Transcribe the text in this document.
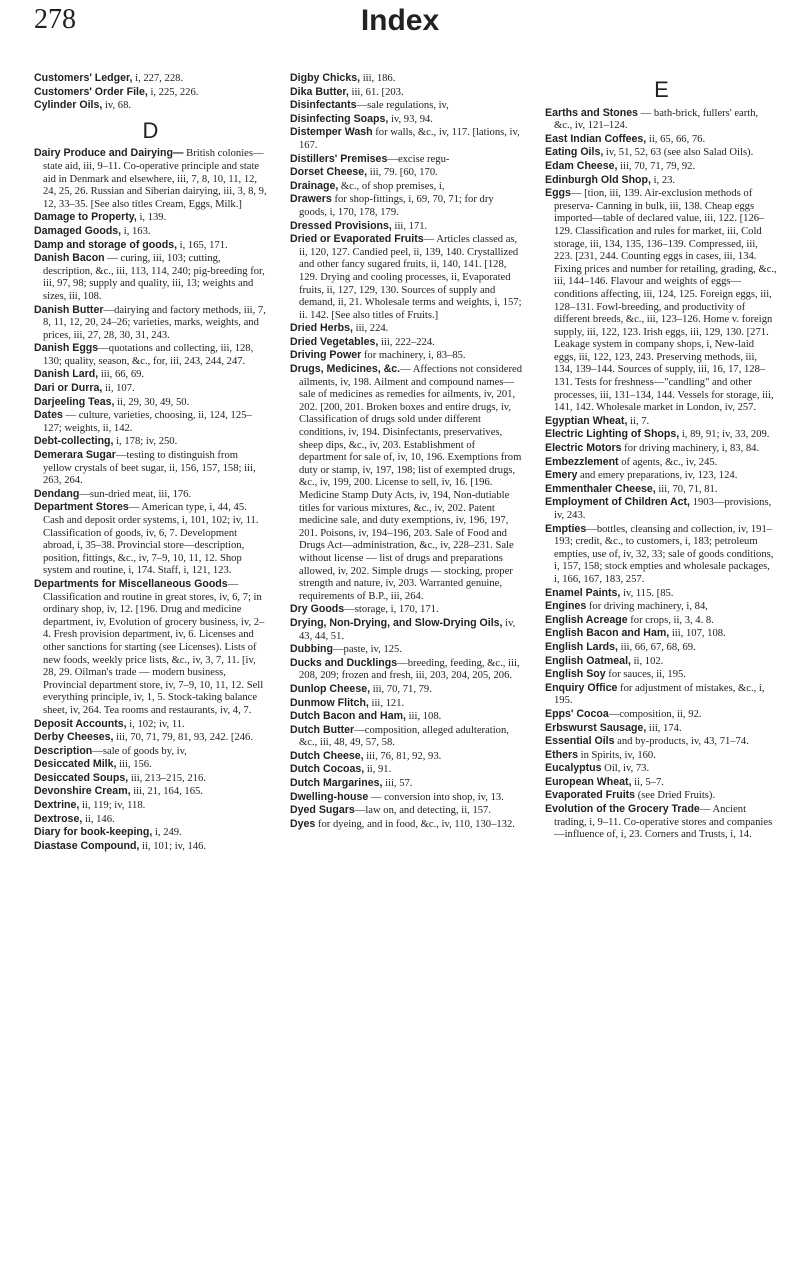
278	Index

Customers' Ledger, i, 227, 228.

Customers' Order File, i, 225, 226.

Cylinder Oils, iv, 68.

D

Dairy Produce and Dairying— British colonies—state aid, iii, 9–11. Co-operative principle and state aid in Denmark and elsewhere, iii, 7, 8, 10, 11, 12, 24, 25, 26. Russian and Siberian dairying, iii, 3, 8, 9, 12, 33–35. [See also titles Cream, Eggs, Milk.]

Damage to Property, i, 139.

Damaged Goods, i, 163.

Damp and storage of goods, i, 165, 171.

Danish Bacon — curing, iii, 103; cutting, description, &c., iii, 113, 114, 240; pig-breeding for, iii, 97, 98; supply and quality, iii, 13; weights and sizes, iii, 108.

Danish Butter—dairying and factory methods, iii, 7, 8, 11, 12, 20, 24–26; varieties, marks, weights, and prices, iii, 27, 28, 30, 31, 243.

Danish Eggs—quotations and collecting, iii, 128, 130; quality, season, &c., for, iii, 243, 244, 247.

Danish Lard, iii, 66, 69.

Dari or Durra, ii, 107.

Darjeeling Teas, ii, 29, 30, 49, 50.

Dates — culture, varieties, choosing, ii, 124, 125–127; weights, ii, 142.

Debt-collecting, i, 178; iv, 250.

Demerara Sugar—testing to distinguish from yellow crystals of beet sugar, ii, 156, 157, 158; iii, 263, 264.

Dendang—sun-dried meat, iii, 176.

Department Stores— American type, i, 44, 45. Cash and deposit order systems, i, 101, 102; iv, 11. Classification of goods, iv, 6, 7. Development abroad, i, 35–38. Provincial store—description, position, fittings, &c., iv, 7–9, 10, 11, 12. Shop system and routine, i, 174. Staff, i, 121, 123.

Departments for Miscellaneous Goods— Classification and routine in great stores, iv, 6, 7; in ordinary shop, iv, 12. [196. Drug and medicine department, iv, Evolution of grocery business, iv, 2–4. Fresh provision department, iv, 6. Licenses and other sanctions for starting (see Licenses). Lists of new foods, weekly price lists, &c., iv, 3, 7, 11. [iv, 28, 29. Oilman's trade — modern business, Provincial department store, iv, 7–9, 10, 11, 12. Sell everything principle, iv, 1, 5. Stock-taking balance sheet, iv, 264. Tea rooms and restaurants, iv, 4, 7.

Deposit Accounts, i, 102; iv, 11.

Derby Cheeses, iii, 70, 71, 79, 81, 93, 242. [246.

Description—sale of goods by, iv,

Desiccated Milk, iii, 156.

Desiccated Soups, iii, 213–215, 216.

Devonshire Cream, iii, 21, 164, 165.

Dextrine, ii, 119; iv, 118.

Dextrose, ii, 146.

Diary for book-keeping, i, 249.

Diastase Compound, ii, 101; iv, 146.

Digby Chicks, iii, 186.

Dika Butter, iii, 61. [203.

Disinfectants—sale regulations, iv,

Disinfecting Soaps, iv, 93, 94.

Distemper Wash for walls, &c., iv, 117. [lations, iv, 167.

Distillers' Premises—excise regu-

Dorset Cheese, iii, 79. [60, 170.

Drainage, &c., of shop premises, i,

Drawers for shop-fittings, i, 69, 70, 71; for dry goods, i, 170, 178, 179.

Dressed Provisions, iii, 171.

Dried or Evaporated Fruits— Articles classed as, ii, 120, 127. Candied peel, ii, 139, 140. Crystallized and other fancy sugared fruits, ii, 140, 141. [128, 129. Drying and cooling processes, ii, Evaporated fruits, ii, 127, 129, 130. Sources of supply and demand, ii, 21. Wholesale terms and weights, i, 157; ii. 142. [See also titles of Fruits.]

Dried Herbs, iii, 224.

Dried Vegetables, iii, 222–224.

Driving Power for machinery, i, 83–85.

Drugs, Medicines, &c.— Affections not considered ailments, iv, 198. Ailment and compound names—sale of medicines as remedies for ailments, iv, 201, 202. [200, 201. Broken boxes and entire drugs, iv, Classification of drugs sold under different conditions, iv, 194. Disinfectants, preservatives, sheep dips, &c., iv, 203. Establishment of department for sale of, iv, 10, 196. Exemptions from duty or stamp, iv, 197, 198; list of exempted drugs, &c., iv, 199, 200. License to sell, iv, 16. [196. Medicine Stamp Duty Acts, iv, 194, Non-dutiable titles for various mixtures, &c., iv, 202. Patent medicine sale, and duty exemptions, iv, 196, 197, 201. Poisons, iv, 194–196, 203. Sale of Food and Drugs Act—administration, &c., iv, 228–231. Sale without license — list of drugs and preparations allowed, iv, 202. Simple drugs — stocking, proper strength and nature, iv, 203. Warranted genuine, requirements of B.P., iii, 264.

Dry Goods—storage, i, 170, 171.

Drying, Non-Drying, and Slow-Drying Oils, iv, 43, 44, 51.

Dubbing—paste, iv, 125.

Ducks and Ducklings—breeding, feeding, &c., iii, 208, 209; frozen and fresh, iii, 203, 204, 205, 206.

Dunlop Cheese, iii, 70, 71, 79.

Dunmow Flitch, iii, 121.

Dutch Bacon and Ham, iii, 108.

Dutch Butter—composition, alleged adulteration, &c., iii, 48, 49, 57, 58.

Dutch Cheese, iii, 76, 81, 92, 93.

Dutch Cocoas, ii, 91.

Dutch Margarines, iii, 57.

Dwelling-house — conversion into shop, iv, 13.

Dyed Sugars—law on, and detecting, ii, 157.

Dyes for dyeing, and in food, &c., iv, 110, 130–132.

E

Earths and Stones — bath-brick, fullers' earth, &c., iv, 121–124.

East Indian Coffees, ii, 65, 66, 76.

Eating Oils, iv, 51, 52, 63 (see also Salad Oils).

Edam Cheese, iii, 70, 71, 79, 92.

Edinburgh Old Shop, i, 23.

Eggs— [tion, iii, 139. Air-exclusion methods of preserva- Canning in bulk, iii, 138. Cheap eggs imported—table of declared value, iii, 122. [126–129. Classification and rules for market, iii, Cold storage, iii, 134, 135, 136–139. Compressed, iii, 223. [231, 244. Counting eggs in cases, iii, 134. Fixing prices and number for retailing, grading, &c., iii, 144–146. Flavour and weights of eggs—conditions affecting, iii, 124, 125. Foreign eggs, iii, 128–131. Fowl-breeding, and productivity of different breeds, &c., iii, 123–126. Home v. foreign supply, iii, 122, 123. Irish eggs, iii, 129, 130. [271. Leakage system in company shops, i, New-laid eggs, iii, 122, 123, 243. Preserving methods, iii, 134, 139–144. Sources of supply, iii, 16, 17, 128–131. Tests for freshness—"candling" and other processes, iii, 131–134, 144. Vessels for storage, iii, 141, 142. Wholesale market in London, iv, 257.

Egyptian Wheat, ii, 7.

Electric Lighting of Shops, i, 89, 91; iv, 33, 209.

Electric Motors for driving machinery, i, 83, 84.

Embezzlement of agents, &c., iv, 245.

Emery and emery preparations, iv, 123, 124.

Emmenthaler Cheese, iii, 70, 71, 81.

Employment of Children Act, 1903—provisions, iv, 243.

Empties—bottles, cleansing and collection, iv, 191–193; credit, &c., to customers, i, 183; petroleum empties, use of, iv, 32, 33; sale of goods conditions, i, 157, 158; stock empties and wholesale packages, i, 166, 167, 183, 257.

Enamel Paints, iv, 115. [85.

Engines for driving machinery, i, 84,

English Acreage for crops, ii, 3, 4. 8.

English Bacon and Ham, iii, 107, 108.

English Lards, iii, 66, 67, 68, 69.

English Oatmeal, ii, 102.

English Soy for sauces, ii, 195.

Enquiry Office for adjustment of mistakes, &c., i, 195.

Epps' Cocoa—composition, ii, 92.

Erbswurst Sausage, iii, 174.

Essential Oils and by-products, iv, 43, 71–74.

Ethers in Spirits, iv, 160.

Eucalyptus Oil, iv, 73.

European Wheat, ii, 5–7.

Evaporated Fruits (see Dried Fruits).

Evolution of the Grocery Trade— Ancient trading, i, 9–11. Co-operative stores and companies—influence of, i, 23. Corners and Trusts, i, 14.
